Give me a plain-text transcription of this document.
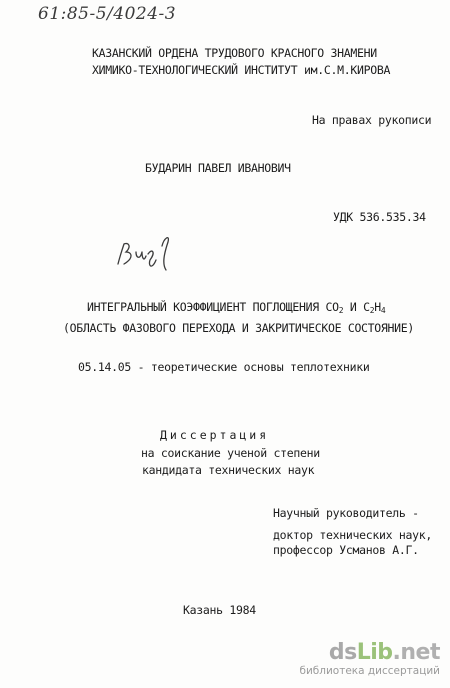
61:85-5/4024-3
КАЗАНСКИЙ ОРДЕНА ТРУДОВОГО КРАСНОГО ЗНАМЕНИ
ХИМИКО-ТЕХНОЛОГИЧЕСКИЙ ИНСТИТУТ им.С.М.КИРОВА
На правах рукописи
БУДАРИН ПАВЕЛ ИВАНОВИЧ
УДК 536.535.34
ИНТЕГРАЛЬНЫЙ КОЭФФИЦИЕНТ ПОГЛОЩЕНИЯ $CO_2$ И $C_2H_4$
(ОБЛАСТЬ ФАЗОВОГО ПЕРЕХОДА И ЗАКРИТИЧЕСКОЕ СОСТОЯНИЕ)
05.14.05 - теоретические основы теплотехники
Диссертация
на соискание ученой степени
кандидата технических наук
Научный руководитель -
доктор технических наук,
профессор Усманов А.Г.
Казань 1984
dsLib.net
библиотека диссертаций
